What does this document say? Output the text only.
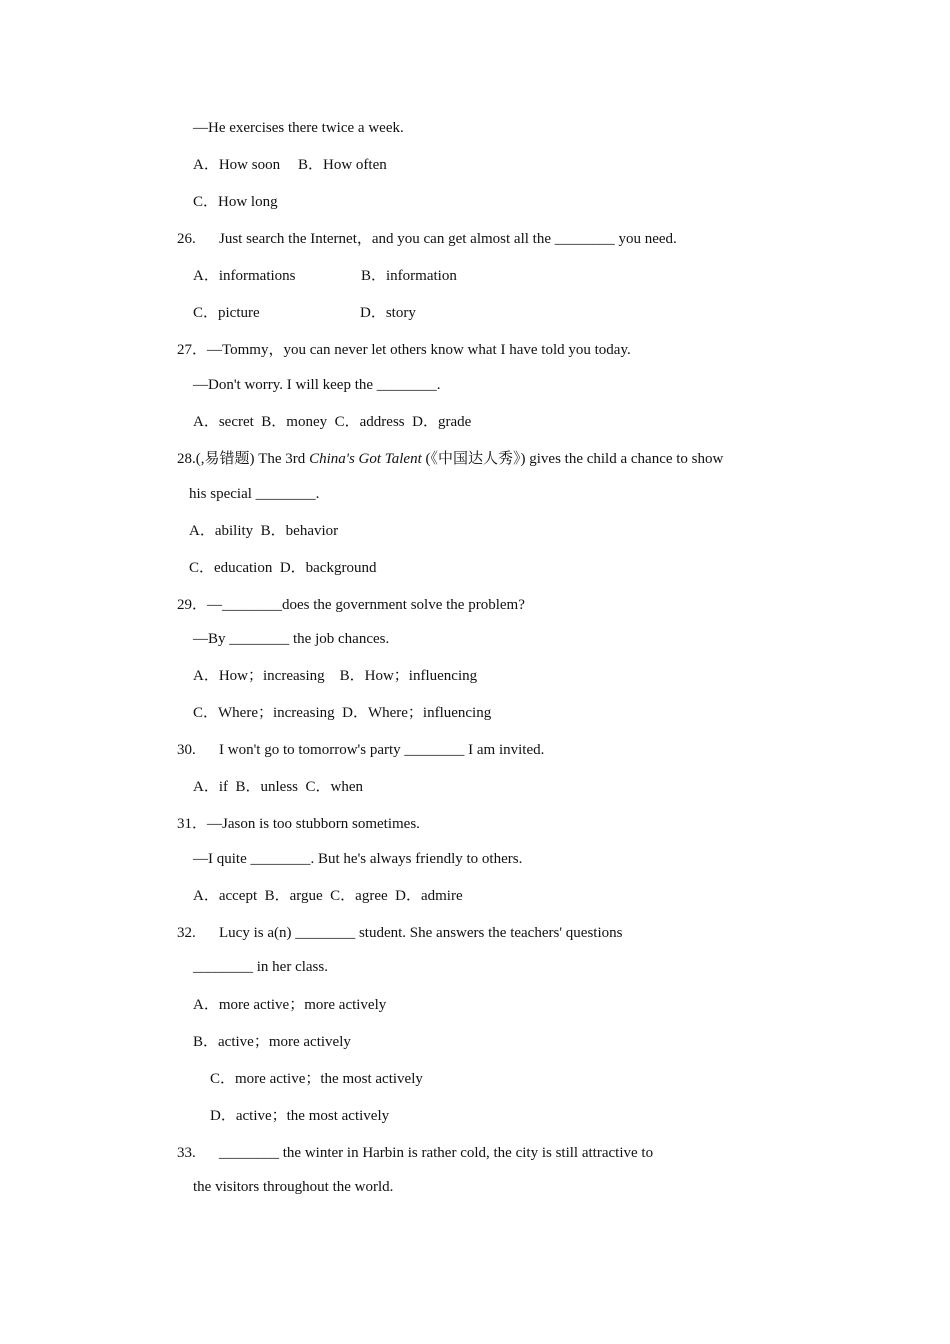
—He exercises there twice a week.
A．How soon B．How often
C．How long
26. Just search the Internet，and you can get almost all the ________ you need.
A．informations	B．information
C．picture	D．story
27．—Tommy，you can never let others know what I have told you today.
—Don't worry. I will keep the ________.
A．secret  B．money  C．address  D．grade
28.(,易错题) The 3rd China's Got Talent (《中国达人秀》) gives the child a chance to show
his special ________.
A．ability  B．behavior
C．education  D．background
29．—________does the government solve the problem?
—By ________ the job chances.
A．How；increasing    B．How；influencing
C．Where；increasing  D．Where；influencing
30. I won't go to tomorrow's party ________ I am invited.
A．if  B．unless  C．when
31．—Jason is too stubborn sometimes.
—I quite ________. But he's always friendly to others.
A．accept  B．argue  C．agree  D．admire
32. Lucy is a(n) ________ student. She answers the teachers' questions
________ in her class.
A．more active；more actively
B．active；more actively
C．more active；the most actively
D．active；the most actively
33. ________ the winter in Harbin is rather cold, the city is still attractive to
the visitors throughout the world.
